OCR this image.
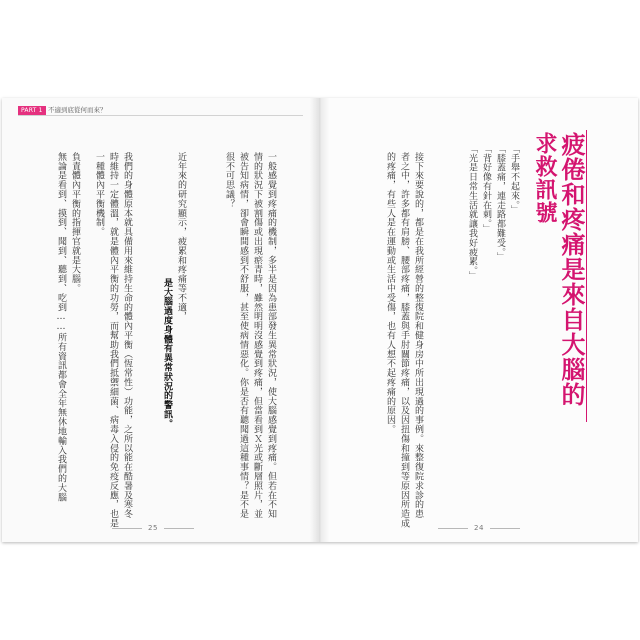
PART 1 不適到底從何而來？
一般感覺到疼痛的機制，多半是因為患部發生異常狀況，使大腦感覺到疼痛。但若在不知
情的狀況下被割傷或出現瘀青時，雖然明明沒感覺到疼痛，但當看到Ｘ光或斷層照片，並
被告知病情，卻會瞬間感到不舒服，甚至使病情惡化。你是否有聽聞過這種事情？是不是
很不可思議？
近年來的研究顯示，疲累和疼痛等不適，
是大腦過度身體有異常狀況的警訊。
我們的身體原本就具備用來維持生命的體內平衡（恆常性）功能，之所以能在酷暑及寒冬
時維持一定體溫，就是體內平衡的功勞，而幫助我們抵禦細菌、病毒入侵的免疫反應，也是
一種體內平衡機制。
負責體內平衡的指揮官就是大腦。
無論是看到、摸到、聞到、聽到、吃到……所有資訊都會全年無休地輸入我們的大腦
25
疲倦和疼痛是來自大腦的
求救訊號
「手舉不起來。」
「膝蓋痛，連走路都難受。」
「背好像有針在刺。」
「光是日常生活就讓我好疲累。」
接下來要說的，都是在我所經營的整復院和健身房中所出現過的事例。來整復院求診的患
者之中，許多都有肩膀、腰部疼痛，膝蓋與手肘關節疼痛，以及因扭傷和撞到等原因所造成
的疼痛，有些人是在運動或生活中受傷，也有人想不起疼痛的原因。
24
